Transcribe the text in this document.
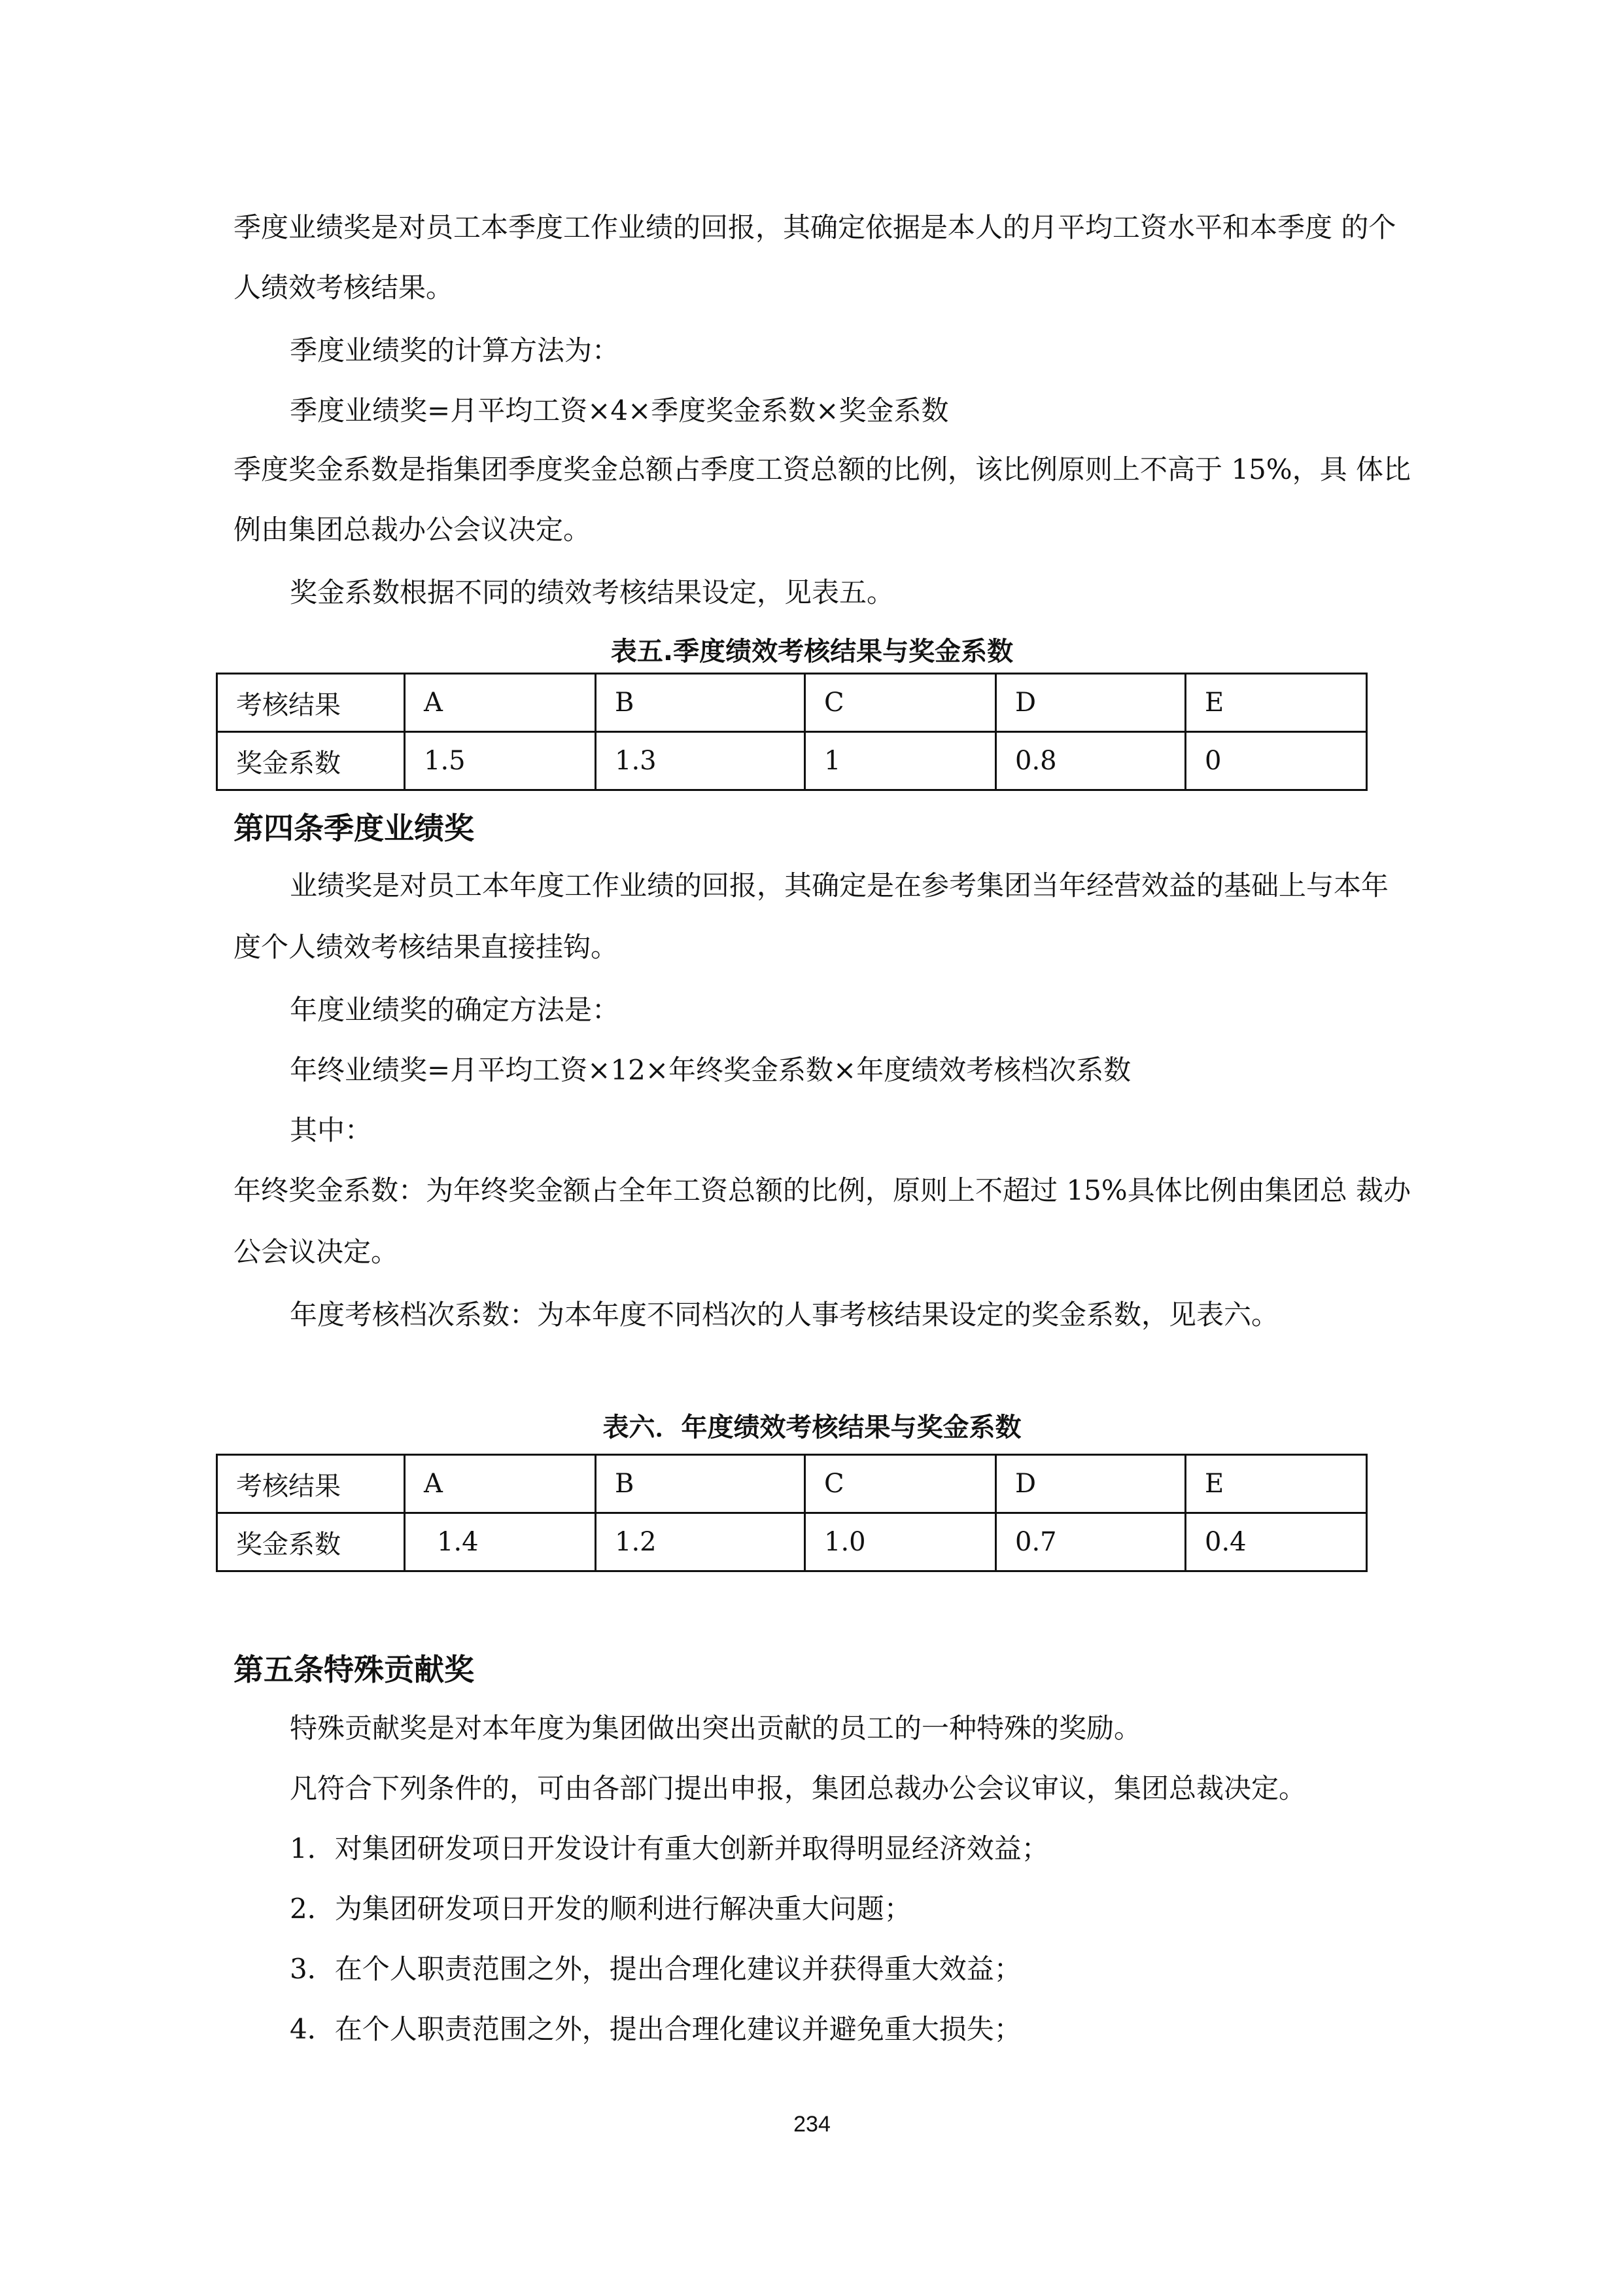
季度业绩奖是对员工本季度工作业绩的回报，其确定依据是本人的月平均工资水平和本季度 的个
人绩效考核结果。
季度业绩奖的计算方法为：
季度业绩奖=月平均工资×4×季度奖金系数×奖金系数
季度奖金系数是指集团季度奖金总额占季度工资总额的比例，该比例原则上不高于 15%，具 体比
例由集团总裁办公会议决定。
奖金系数根据不同的绩效考核结果设定，见表五。
表五.季度绩效考核结果与奖金系数
考核结果	A	B	C	D	E
奖金系数	1.5	1.3	1	0.8	0
第四条季度业绩奖
业绩奖是对员工本年度工作业绩的回报，其确定是在参考集团当年经营效益的基础上与本年
度个人绩效考核结果直接挂钩。
年度业绩奖的确定方法是：
年终业绩奖=月平均工资×12×年终奖金系数×年度绩效考核档次系数
其中：
年终奖金系数：为年终奖金额占全年工资总额的比例，原则上不超过 15%具体比例由集团总 裁办
公会议决定。
年度考核档次系数：为本年度不同档次的人事考核结果设定的奖金系数，见表六。
表六．年度绩效考核结果与奖金系数
考核结果	A	B	C	D	E
奖金系数	1.4	1.2	1.0	0.7	0.4
第五条特殊贡献奖
特殊贡献奖是对本年度为集团做出突出贡献的员工的一种特殊的奖励。
凡符合下列条件的，可由各部门提出申报，集团总裁办公会议审议，集团总裁决定。
1．对集团研发项日开发设计有重大创新并取得明显经济效益；
2．为集团研发项日开发的顺利进行解决重大问题；
3．在个人职责范围之外，提出合理化建议并获得重大效益；
4．在个人职责范围之外，提出合理化建议并避免重大损失；
234
